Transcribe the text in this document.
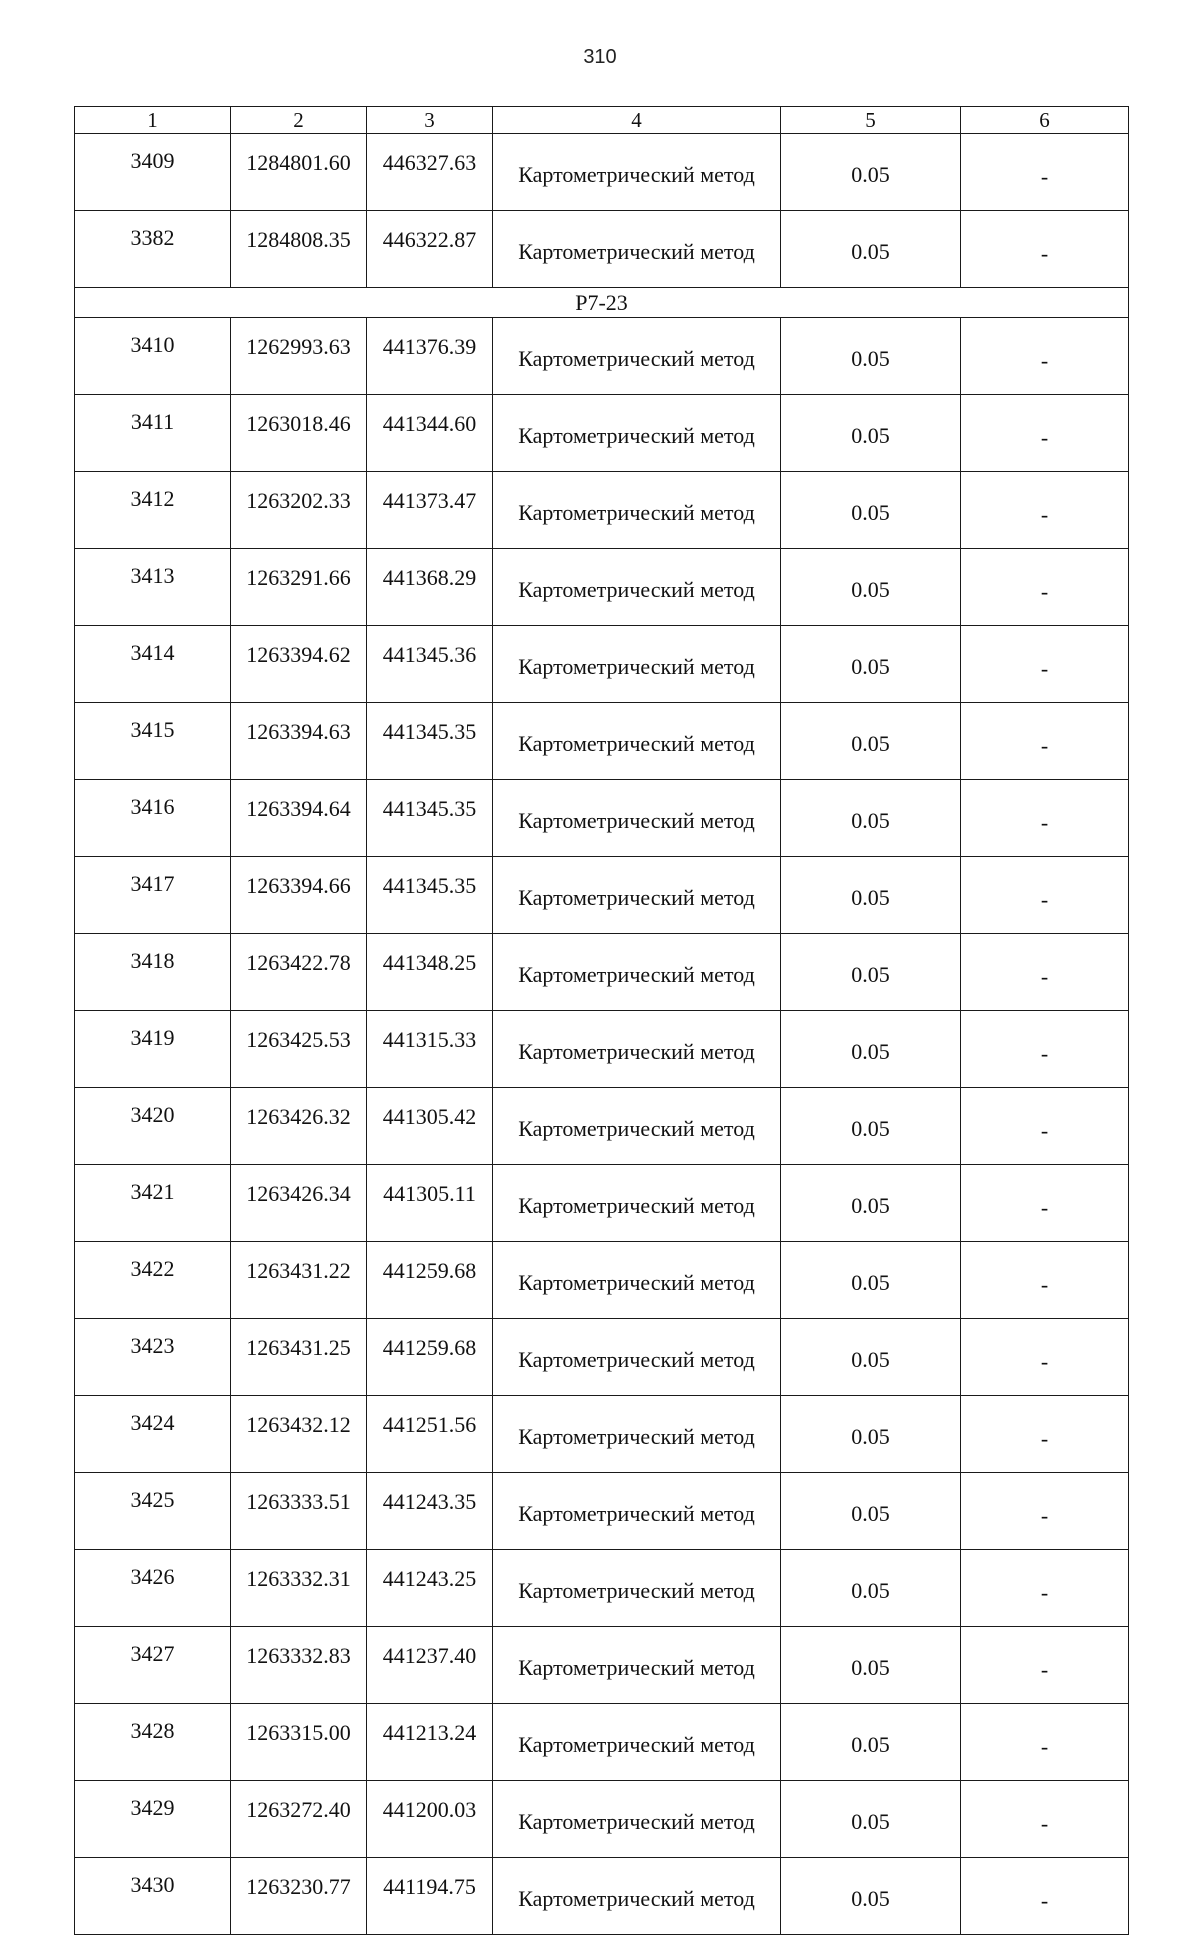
310
1	2	3	4	5	6
3409	1284801.60	446327.63	Картометрический метод	0.05	-
3382	1284808.35	446322.87	Картометрический метод	0.05	-
Р7-23					
3410	1262993.63	441376.39	Картометрический метод	0.05	-
3411	1263018.46	441344.60	Картометрический метод	0.05	-
3412	1263202.33	441373.47	Картометрический метод	0.05	-
3413	1263291.66	441368.29	Картометрический метод	0.05	-
3414	1263394.62	441345.36	Картометрический метод	0.05	-
3415	1263394.63	441345.35	Картометрический метод	0.05	-
3416	1263394.64	441345.35	Картометрический метод	0.05	-
3417	1263394.66	441345.35	Картометрический метод	0.05	-
3418	1263422.78	441348.25	Картометрический метод	0.05	-
3419	1263425.53	441315.33	Картометрический метод	0.05	-
3420	1263426.32	441305.42	Картометрический метод	0.05	-
3421	1263426.34	441305.11	Картометрический метод	0.05	-
3422	1263431.22	441259.68	Картометрический метод	0.05	-
3423	1263431.25	441259.68	Картометрический метод	0.05	-
3424	1263432.12	441251.56	Картометрический метод	0.05	-
3425	1263333.51	441243.35	Картометрический метод	0.05	-
3426	1263332.31	441243.25	Картометрический метод	0.05	-
3427	1263332.83	441237.40	Картометрический метод	0.05	-
3428	1263315.00	441213.24	Картометрический метод	0.05	-
3429	1263272.40	441200.03	Картометрический метод	0.05	-
3430	1263230.77	441194.75	Картометрический метод	0.05	-
